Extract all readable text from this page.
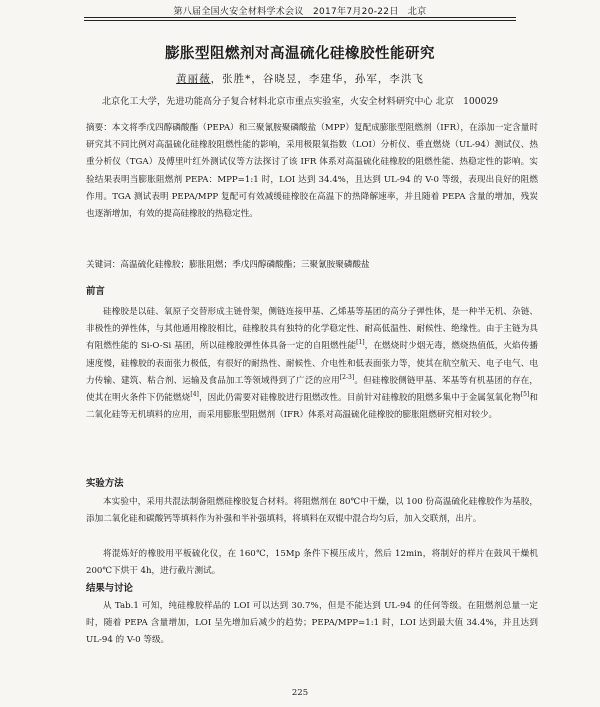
第八届全国火安全材料学术会议　2017年7月20-22日　北京
膨胀型阻燃剂对高温硫化硅橡胶性能研究
黄丽薇，张胜*，谷晓昱，李建华，孙军，李洪飞
北京化工大学，先进功能高分子复合材料北京市重点实验室，火安全材料研究中心 北京　100029

摘要：本文将季戊四醇磷酸酯（PEPA）和三聚氰胺聚磷酸盐（MPP）复配成膨胀型阻燃剂（IFR），在添加一定含量时研究其不同比例对高温硫化硅橡胶阻燃性能的影响，采用极限氧指数（LOI）分析仪、垂直燃烧（UL-94）测试仪、热重分析仪（TGA）及傅里叶红外测试仪等方法探讨了该 IFR 体系对高温硫化硅橡胶的阻燃性能、热稳定性的影响。实验结果表明当膨胀阻燃剂 PEPA：MPP=1:1 时，LOI 达到 34.4%，且达到 UL-94 的 V-0 等级，表现出良好的阻燃作用。TGA 测试表明 PEPA/MPP 复配可有效减缓硅橡胶在高温下的热降解速率，并且随着 PEPA 含量的增加，残炭也逐渐增加，有效的提高硅橡胶的热稳定性。

关键词：高温硫化硅橡胶；膨胀阻燃；季戊四醇磷酸酯；三聚氰胺聚磷酸盐

前言

硅橡胶是以硅、氧原子交替形成主链骨架，侧链连接甲基、乙烯基等基团的高分子弹性体，是一种半无机、杂链、非极性的弹性体，与其他通用橡胶相比，硅橡胶具有独特的化学稳定性、耐高低温性、耐候性、绝缘性。由于主链为具有阻燃性能的 Si-O-Si 基团，所以硅橡胶弹性体具备一定的自阻燃性能[1]，在燃烧时少烟无毒，燃烧热值低，火焰传播速度慢，硅橡胶的表面张力极低，有很好的耐热性、耐候性、介电性和低表面张力等，使其在航空航天、电子电气、电力传输、建筑、粘合剂、运输及食品加工等领域得到了广泛的应用[2-3]。但硅橡胶侧链甲基、苯基等有机基团的存在，使其在明火条件下仍能燃烧[4]，因此仍需要对硅橡胶进行阻燃改性。目前针对硅橡胶的阻燃多集中于金属氢氧化物[5]和二氧化硅等无机填料的应用，而采用膨胀型阻燃剂（IFR）体系对高温硫化硅橡胶的膨胀阻燃研究相对较少。

实验方法

本实验中，采用共混法制备阻燃硅橡胶复合材料。将阻燃剂在 80℃中干燥，以 100 份高温硫化硅橡胶作为基胶，添加二氧化硅和碳酸钙等填料作为补强和半补强填料，将填料在双辊中混合均匀后，加入交联剂，出片。

将混炼好的橡胶用平板硫化仪，在 160℃，15Mp 条件下模压成片，然后 12min，将制好的样片在鼓风干燥机 200℃下烘干 4h，进行截片测试。

结果与讨论

从 Tab.1 可知，纯硅橡胶样品的 LOI 可以达到 30.7%，但是不能达到 UL-94 的任何等级。在阻燃剂总量一定时，随着 PEPA 含量增加，LOI 呈先增加后减少的趋势；PEPA/MPP=1:1 时，LOI 达到最大值 34.4%，并且达到 UL-94 的 V-0 等级。

225
